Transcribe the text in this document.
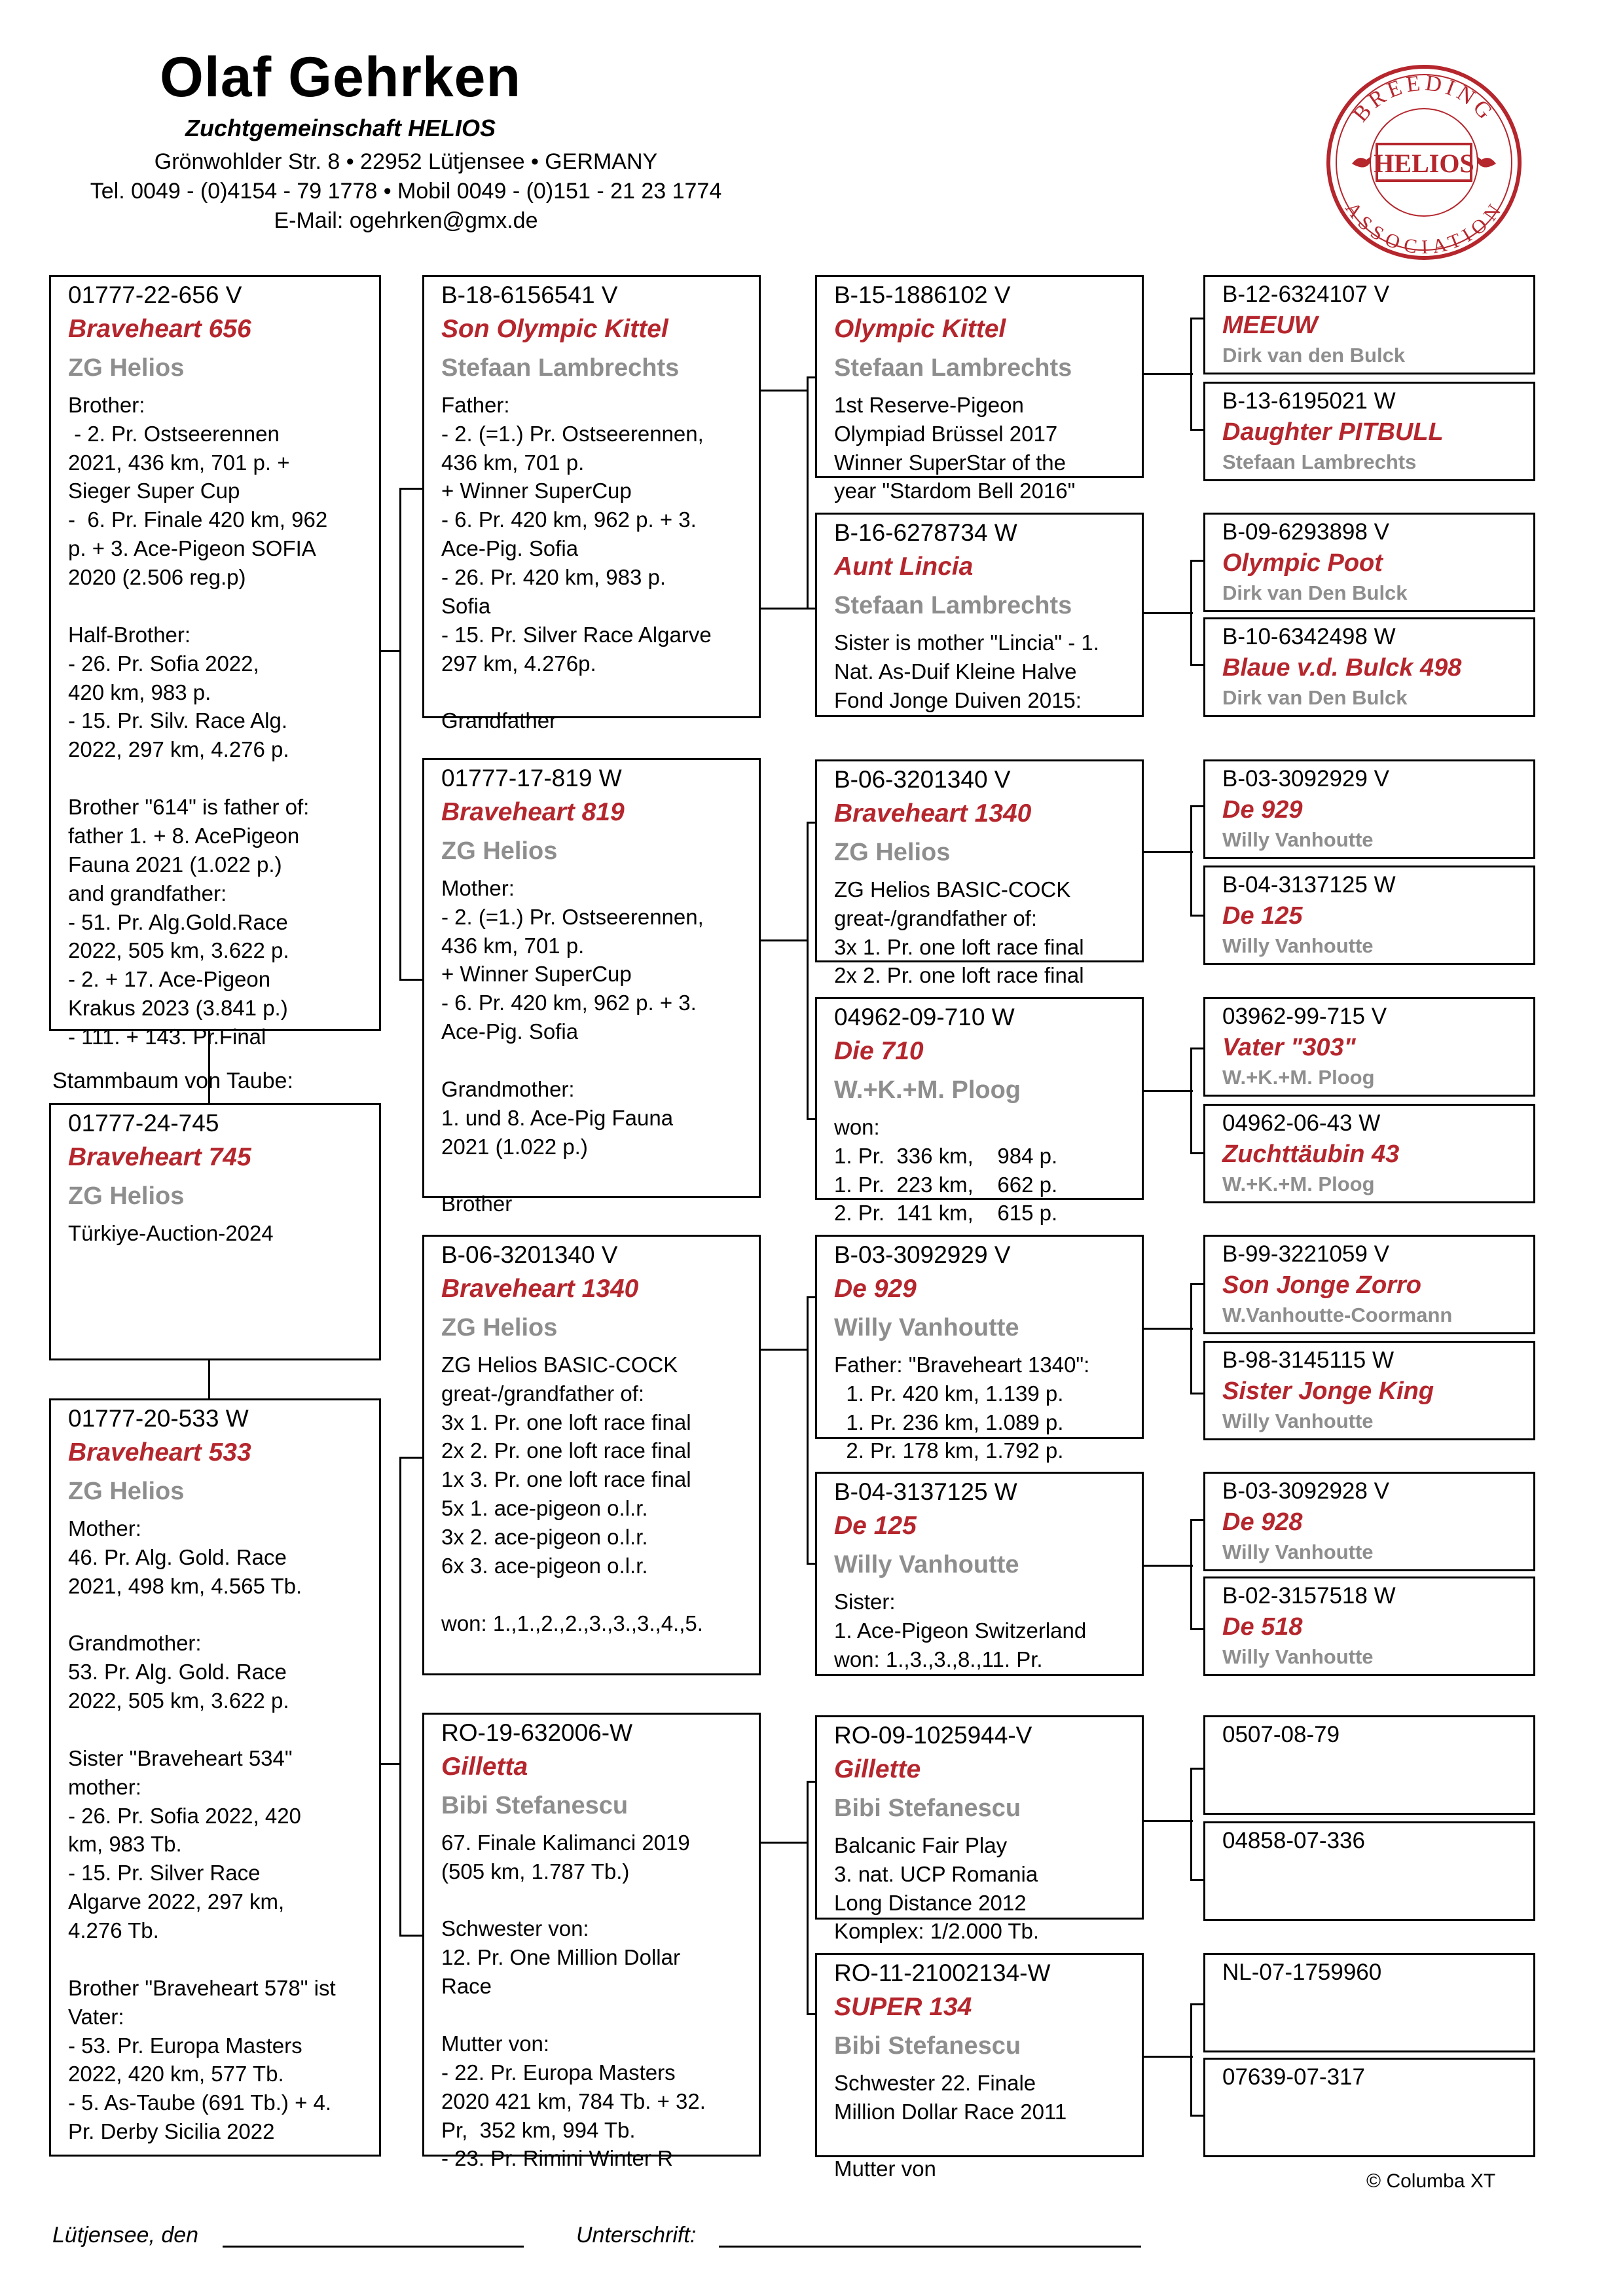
Olaf Gehrken
Zuchtgemeinschaft HELIOS
Grönwohlder Str. 8 • 22952 Lütjensee • GERMANY
Tel. 0049 - (0)4154 - 79 1778 • Mobil 0049 - (0)151 - 21 23 1774
E-Mail: ogehrken@gmx.de
BREEDING
ASSOCIATION
HELIOS
01777-22-656 V
Braveheart 656
ZG Helios
Brother:
- 2. Pr. Ostseerennen
2021, 436 km, 701 p. +
Sieger Super Cup
-  6. Pr. Finale 420 km, 962
p. + 3. Ace-Pigeon SOFIA
2020 (2.506 reg.p)

Half-Brother:
- 26. Pr. Sofia 2022,
420 km, 983 p.
- 15. Pr. Silv. Race Alg.
2022, 297 km, 4.276 p.

Brother "614" is father of:
father 1. + 8. AcePigeon
Fauna 2021 (1.022 p.)
and grandfather:
- 51. Pr. Alg.Gold.Race
2022, 505 km, 3.622 p.
- 2. + 17. Ace-Pigeon
Krakus 2023 (3.841 p.)
- 111. + 143. Pr.Final
Stammbaum von Taube:
01777-24-745
Braveheart 745
ZG Helios
Türkiye-Auction-2024
01777-20-533 W
Braveheart 533
ZG Helios
Mother:
46. Pr. Alg. Gold. Race
2021, 498 km, 4.565 Tb.

Grandmother:
53. Pr. Alg. Gold. Race
2022, 505 km, 3.622 p.

Sister "Braveheart 534"
mother:
- 26. Pr. Sofia 2022, 420
km, 983 Tb.
- 15. Pr. Silver Race
Algarve 2022, 297 km,
4.276 Tb.

Brother "Braveheart 578" ist
Vater:
- 53. Pr. Europa Masters
2022, 420 km, 577 Tb.
- 5. As-Taube (691 Tb.) + 4.
Pr. Derby Sicilia 2022
B-18-6156541 V
Son Olympic Kittel
Stefaan Lambrechts
Father:
- 2. (=1.) Pr. Ostseerennen,
436 km, 701 p.
+ Winner SuperCup
- 6. Pr. 420 km, 962 p. + 3.
Ace-Pig. Sofia
- 26. Pr. 420 km, 983 p.
Sofia
- 15. Pr. Silver Race Algarve
297 km, 4.276p.

Grandfather
01777-17-819 W
Braveheart 819
ZG Helios
Mother:
- 2. (=1.) Pr. Ostseerennen,
436 km, 701 p.
+ Winner SuperCup
- 6. Pr. 420 km, 962 p. + 3.
Ace-Pig. Sofia

Grandmother:
1. und 8. Ace-Pig Fauna
2021 (1.022 p.)

Brother
B-06-3201340 V
Braveheart 1340
ZG Helios
ZG Helios BASIC-COCK
great-/grandfather of:
3x 1. Pr. one loft race final
2x 2. Pr. one loft race final
1x 3. Pr. one loft race final
5x 1. ace-pigeon o.l.r.
3x 2. ace-pigeon o.l.r.
6x 3. ace-pigeon o.l.r.

won: 1.,1.,2.,2.,3.,3.,3.,4.,5.
RO-19-632006-W
Gilletta
Bibi Stefanescu
67. Finale Kalimanci 2019
(505 km, 1.787 Tb.)

Schwester von:
12. Pr. One Million Dollar
Race

Mutter von:
- 22. Pr. Europa Masters
2020 421 km, 784 Tb. + 32.
Pr,  352 km, 994 Tb.
- 23. Pr. Rimini Winter R
B-15-1886102 V
Olympic Kittel
Stefaan Lambrechts
1st Reserve-Pigeon
Olympiad Brüssel 2017
Winner SuperStar of the
year "Stardom Bell 2016"
B-16-6278734 W
Aunt Lincia
Stefaan Lambrechts
Sister is mother "Lincia" - 1.
Nat. As-Duif Kleine Halve
Fond Jonge Duiven 2015:
B-06-3201340 V
Braveheart 1340
ZG Helios
ZG Helios BASIC-COCK
great-/grandfather of:
3x 1. Pr. one loft race final
2x 2. Pr. one loft race final
04962-09-710 W
Die 710
W.+K.+M. Ploog
won:
1. Pr.  336 km,    984 p.
1. Pr.  223 km,    662 p.
2. Pr.  141 km,    615 p.
B-03-3092929 V
De 929
Willy Vanhoutte
Father: "Braveheart 1340":
1. Pr. 420 km, 1.139 p.
1. Pr. 236 km, 1.089 p.
2. Pr. 178 km, 1.792 p.
B-04-3137125 W
De 125
Willy Vanhoutte
Sister:
1. Ace-Pigeon Switzerland
won: 1.,3.,3.,8.,11. Pr.
RO-09-1025944-V
Gillette
Bibi Stefanescu
Balcanic Fair Play
3. nat. UCP Romania
Long Distance 2012
Komplex: 1/2.000 Tb.
RO-11-21002134-W
SUPER 134
Bibi Stefanescu
Schwester 22. Finale
Million Dollar Race 2011

Mutter von
B-12-6324107 V
MEEUW
Dirk van den Bulck
B-13-6195021 W
Daughter PITBULL
Stefaan Lambrechts
B-09-6293898 V
Olympic Poot
Dirk van Den Bulck
B-10-6342498 W
Blaue v.d. Bulck 498
Dirk van Den Bulck
B-03-3092929 V
De 929
Willy Vanhoutte
B-04-3137125 W
De 125
Willy Vanhoutte
03962-99-715 V
Vater "303"
W.+K.+M. Ploog
04962-06-43 W
Zuchttäubin 43
W.+K.+M. Ploog
B-99-3221059 V
Son Jonge Zorro
W.Vanhoutte-Coormann
B-98-3145115 W
Sister Jonge King
Willy Vanhoutte
B-03-3092928 V
De 928
Willy Vanhoutte
B-02-3157518 W
De 518
Willy Vanhoutte
0507-08-79
04858-07-336
NL-07-1759960
07639-07-317
© Columba XT
Lütjensee, den	Unterschrift:
